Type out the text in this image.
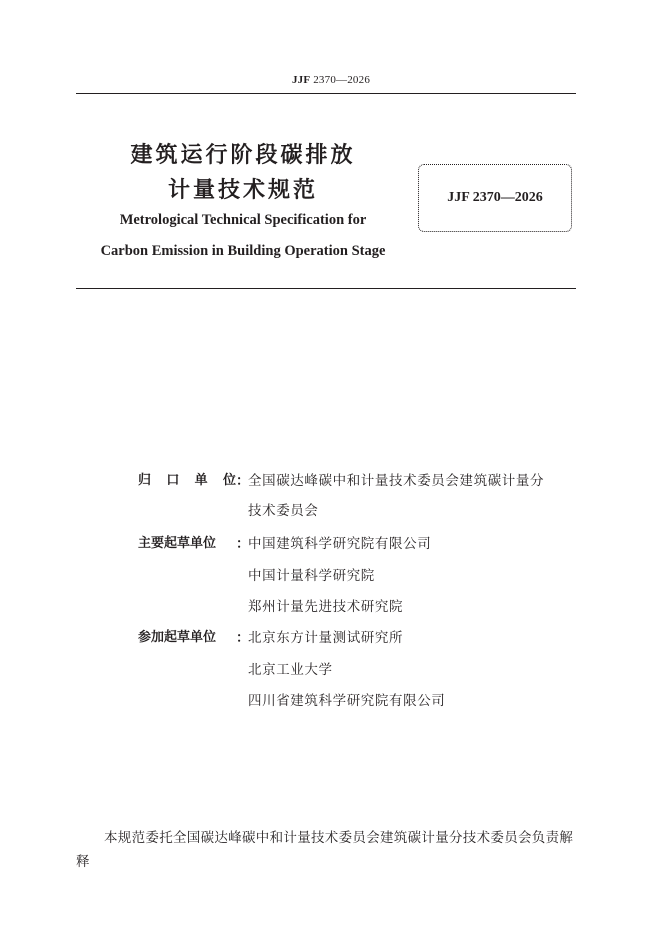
JJF 2370—2026
建筑运行阶段碳排放
计量技术规范
Metrological Technical Specification for
Carbon Emission in Building Operation Stage
JJF 2370—2026
归 口 单 位 ：
全国碳达峰碳中和计量技术委员会建筑碳计量分
技术委员会
主要起草单位	：
中国建筑科学研究院有限公司
中国计量科学研究院
郑州计量先进技术研究院
参加起草单位	：
北京东方计量测试研究所
北京工业大学
四川省建筑科学研究院有限公司
本规范委托全国碳达峰碳中和计量技术委员会建筑碳计量分技术委员会负责解释
